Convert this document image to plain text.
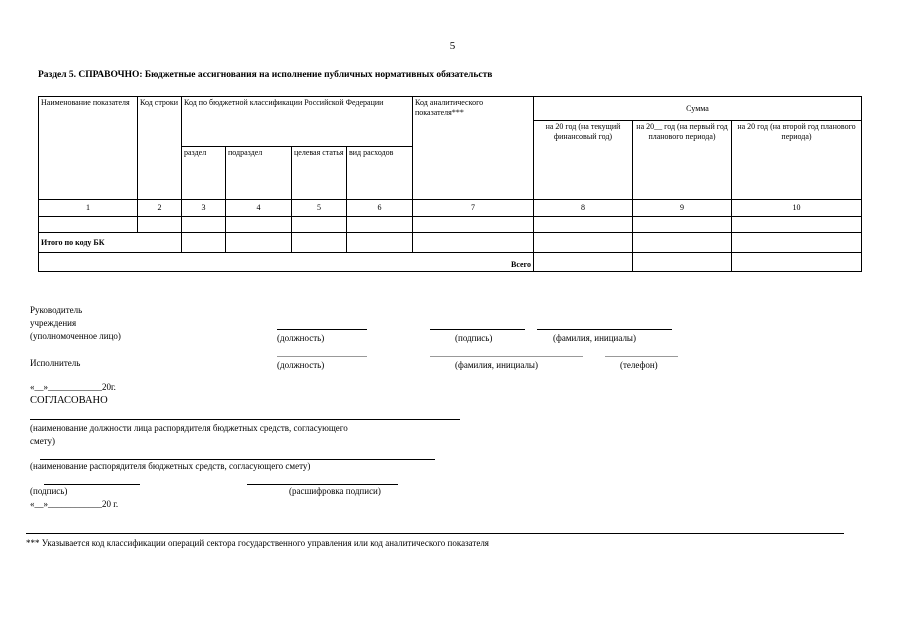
5
Раздел 5. СПРАВОЧНО: Бюджетные ассигнования на исполнение публичных нормативных обязательств
Наименование показателя	Код строки	Код по бюджетной классификации Российской Федерации				Код аналитического показателя***	Сумма		
							на 20 год (на текущий финансовый год)	на 20__ год (на первый год планового периода)	на 20 год (на второй год планового периода)
		раздел	подраздел	целевая статья	вид расходов				
1	2	3	4	5	6	7	8	9	10

Итого по коду БК									
Всего									
Руководитель
учреждения
(уполномоченное лицо)	(должность)	(подпись)	(фамилия, инициалы)
Исполнитель	(должность)	(фамилия, инициалы)	(телефон)
«__»____________20г.
СОГЛАСОВАНО
(наименование должности лица распорядителя бюджетных средств, согласующего
смету)
(наименование распорядителя бюджетных средств, согласующего смету)
(подпись)	(расшифровка подписи)
«__»____________20 г.
*** Указывается код классификации операций сектора государственного управления или код аналитического показателя
